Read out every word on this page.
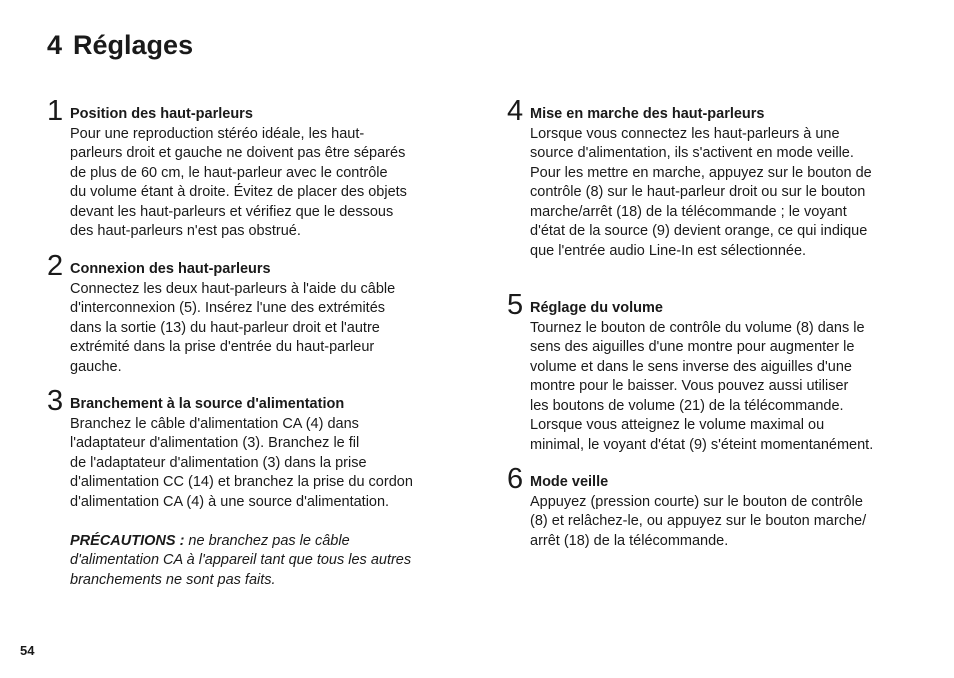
4 Réglages
1 Position des haut-parleurs
Pour une reproduction stéréo idéale, les haut-
parleurs droit et gauche ne doivent pas être séparés
de plus de 60 cm, le haut-parleur avec le contrôle
du volume étant à droite. Évitez de placer des objets
devant les haut-parleurs et vérifiez que le dessous
des haut-parleurs n'est pas obstrué.
2 Connexion des haut-parleurs
Connectez les deux haut-parleurs à l'aide du câble
d'interconnexion (5). Insérez l'une des extrémités
dans la sortie (13) du haut-parleur droit et l'autre
extrémité dans la prise d'entrée du haut-parleur
gauche.
3 Branchement à la source d'alimentation
Branchez le câble d'alimentation CA (4) dans
l'adaptateur d'alimentation (3). Branchez le fil
de l'adaptateur d'alimentation (3) dans la prise
d'alimentation CC (14) et branchez la prise du cordon
d'alimentation CA (4) à une source d'alimentation.
PRÉCAUTIONS : ne branchez pas le câble
d'alimentation CA à l'appareil tant que tous les autres
branchements ne sont pas faits.
4 Mise en marche des haut-parleurs
Lorsque vous connectez les haut-parleurs à une
source d'alimentation, ils s'activent en mode veille.
Pour les mettre en marche, appuyez sur le bouton de
contrôle (8) sur le haut-parleur droit ou sur le bouton
marche/arrêt (18) de la télécommande ; le voyant
d'état de la source (9) devient orange, ce qui indique
que l'entrée audio Line-In est sélectionnée.
5 Réglage du volume
Tournez le bouton de contrôle du volume (8) dans le
sens des aiguilles d'une montre pour augmenter le
volume et dans le sens inverse des aiguilles d'une
montre pour le baisser. Vous pouvez aussi utiliser
les boutons de volume (21) de la télécommande.
Lorsque vous atteignez le volume maximal ou
minimal, le voyant d'état (9) s'éteint momentanément.
6 Mode veille
Appuyez (pression courte) sur le bouton de contrôle
(8) et relâchez-le, ou appuyez sur le bouton marche/
arrêt (18) de la télécommande.
54
